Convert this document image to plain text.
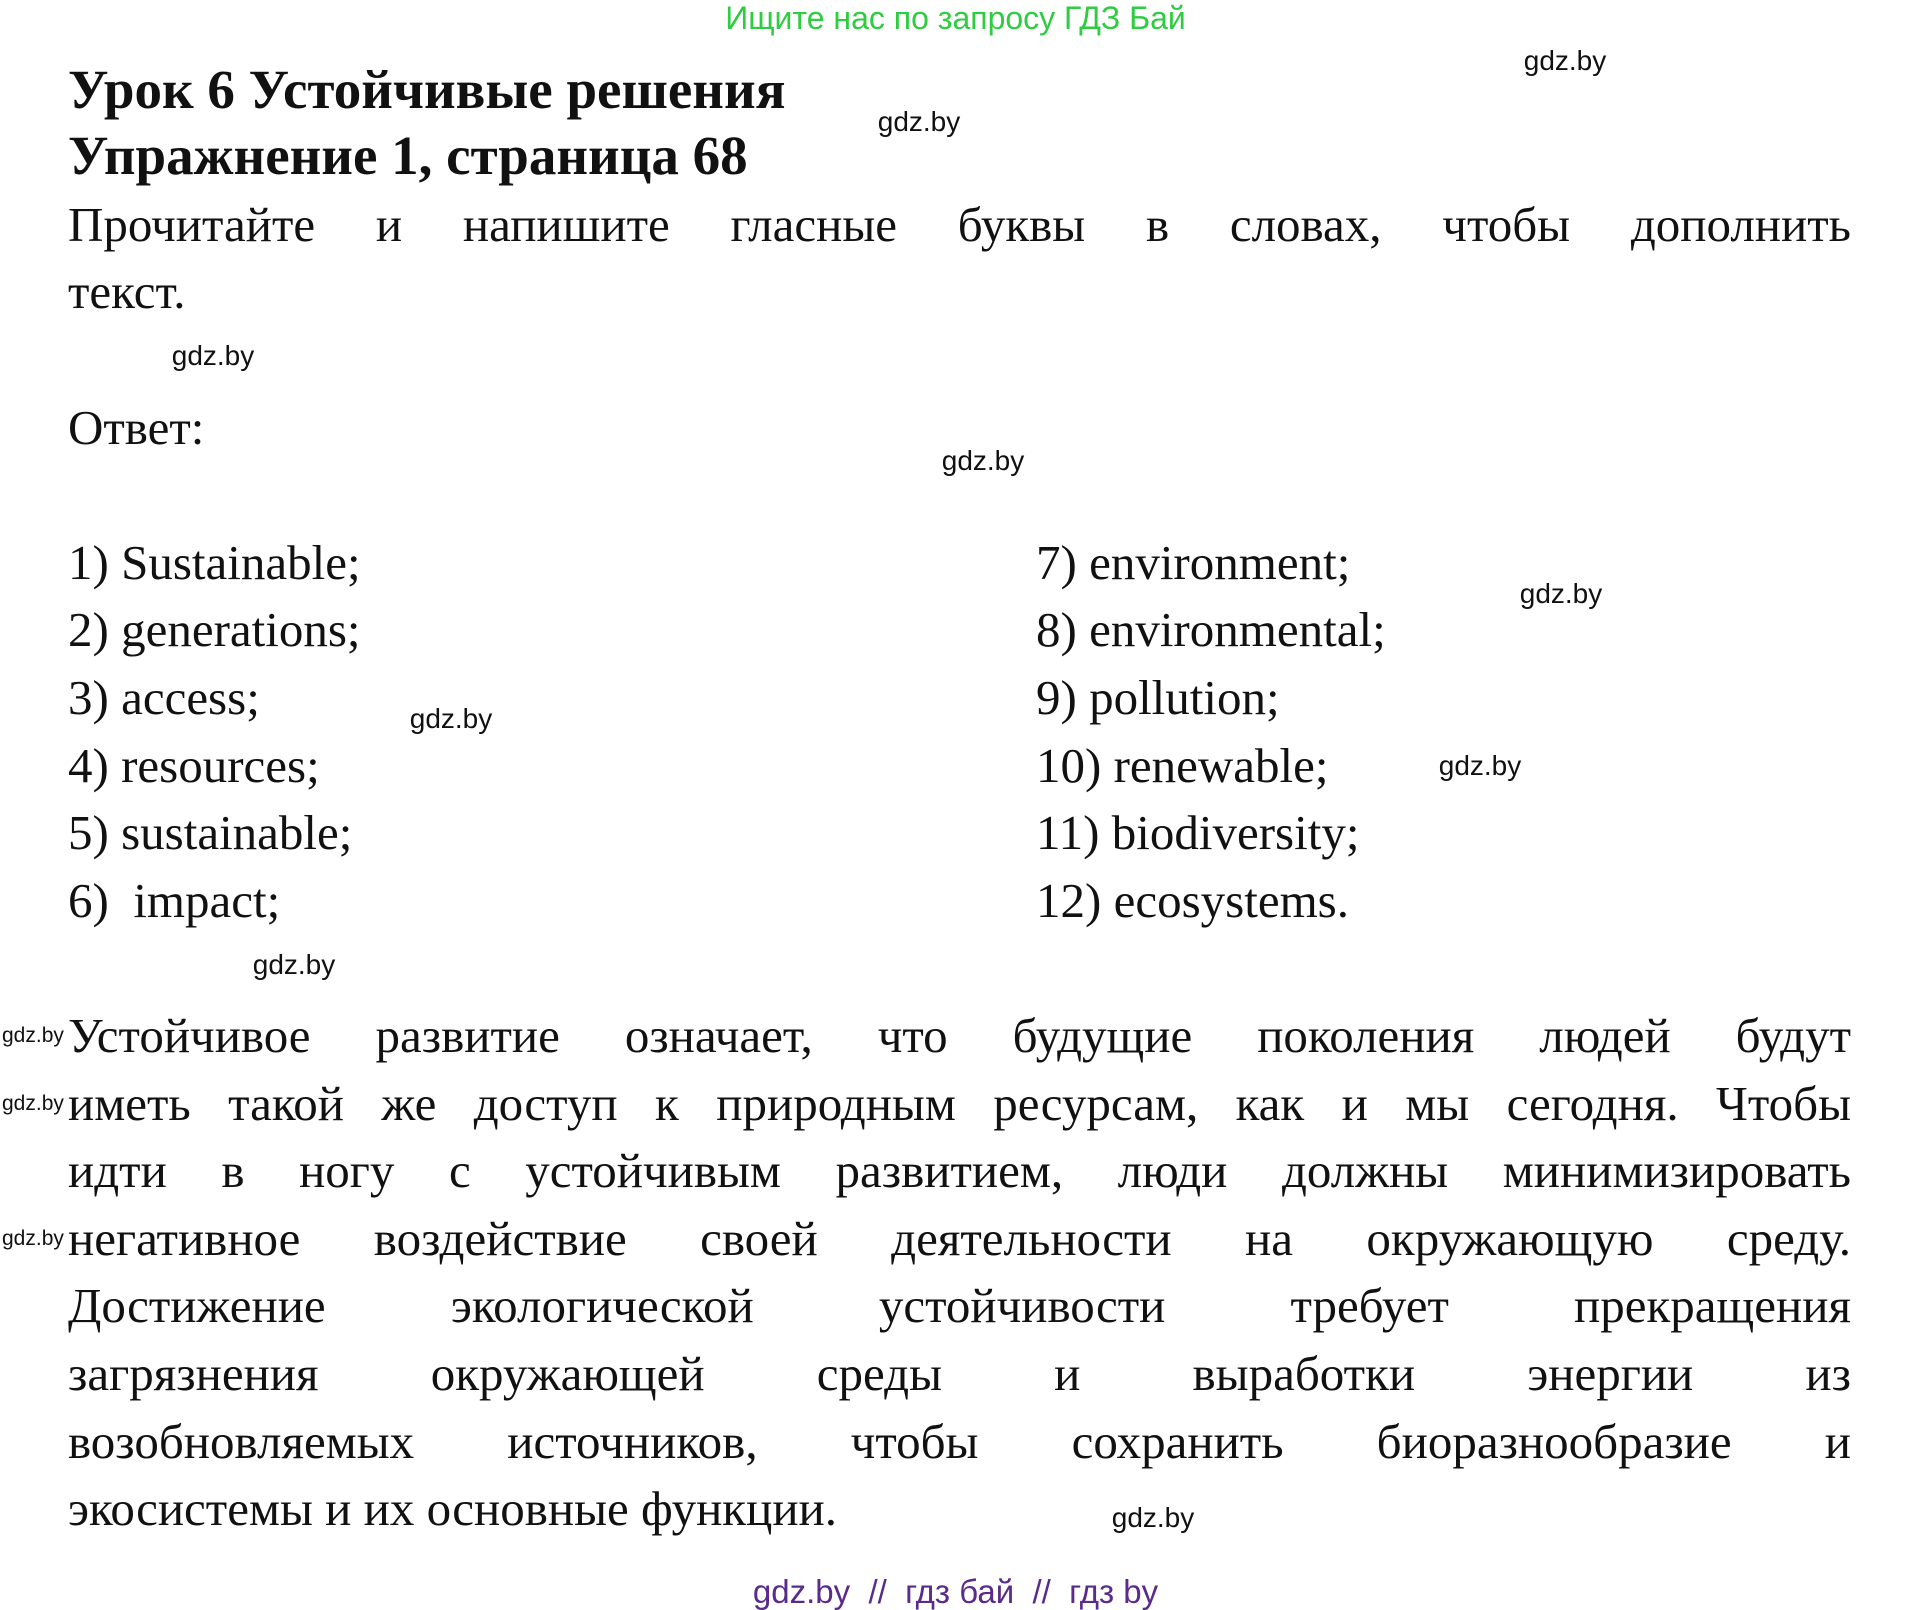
Ищите нас по запросу ГДЗ Бай
Урок 6 Устойчивые решения
Упражнение 1, страница 68
Прочитайте и напишите гласные буквы в словах, чтобы дополнить
текст.
Ответ:
1) Sustainable;
2) generations;
3) access;
4) resources;
5) sustainable;
6)  impact;
7) environment;
8) environmental;
9) pollution;
10) renewable;
11) biodiversity;
12) ecosystems.
Устойчивое развитие означает, что будущие поколения людей будут
иметь такой же доступ к природным ресурсам, как и мы сегодня. Чтобы
идти в ногу с устойчивым развитием, люди должны минимизировать
негативное воздействие своей деятельности на окружающую среду.
Достижение экологической устойчивости требует прекращения
загрязнения окружающей среды и выработки энергии из
возобновляемых источников, чтобы сохранить биоразнообразие и
экосистемы и их основные функции.
gdz.by
gdz.by
gdz.by
gdz.by
gdz.by
gdz.by
gdz.by
gdz.by
gdz.by
gdz.by
gdz.by
gdz.by
gdz.by  //  гдз бай  //  гдз by
